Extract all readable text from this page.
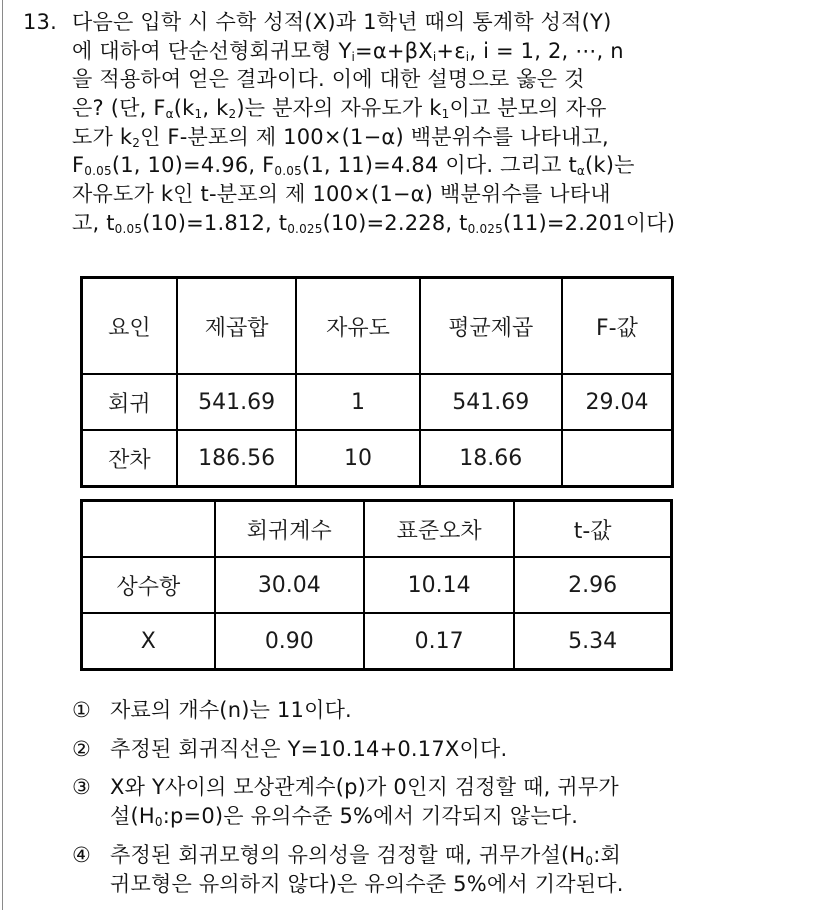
13. 다음은 입학 시 수학 성적(X)과 1학년 때의 통계학 성적(Y)
에 대하여 단순선형회귀모형 $Y_i=\alpha+\beta X_i+\varepsilon_i$, i = 1, 2, ⋯, n
을 적용하여 얻은 결과이다. 이에 대한 설명으로 옳은 것
은? (단, $F_\alpha(k_1$, $k_2$)는 분자의 자유도가 $k_1$이고 분모의 자유
도가 $k_2$인 F-분포의 제 100×(1−α) 백분위수를 나타내고,
$F_{0.05}(1$, 10)=4.96, $F_{0.05}(1$, 11)=4.84 이다. 그리고 $t_\alpha(k)$는
자유도가 k인 t-분포의 제 100×(1−α) 백분위수를 나타내
고, $t_{0.05}(10)=1.812$, $t_{0.025}(10)=2.228$, $t_{0.025}(11)=2.201$이다)
요인	제곱합	자유도	평균제곱	F-값
회귀	541.69	1	541.69	29.04
잔차	186.56	10	18.66	
	회귀계수	표준오차	t-값
상수항	30.04	10.14	2.96
X	0.90	0.17	5.34
① 자료의 개수(n)는 11이다.
② 추정된 회귀직선은 Y=10.14+0.17X이다.
③ X와 Y사이의 모상관계수(p)가 0인지 검정할 때, 귀무가
설$(H_0:p=0)$은 유의수준 5%에서 기각되지 않는다.
④ 추정된 회귀모형의 유의성을 검정할 때, 귀무가설($H_0$:회
귀모형은 유의하지 않다)은 유의수준 5%에서 기각된다.
